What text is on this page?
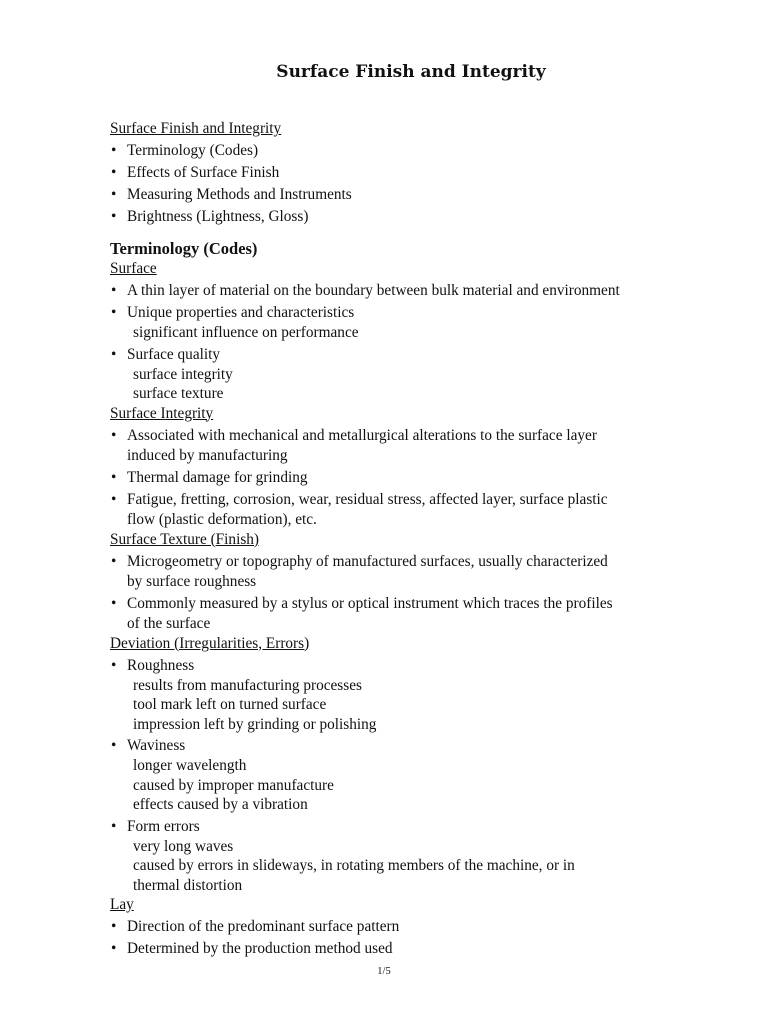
Surface Finish and Integrity

Surface Finish and Integrity

• Terminology (Codes)

• Effects of Surface Finish

• Measuring Methods and Instruments

• Brightness (Lightness, Gloss)

Terminology (Codes)

Surface

• A thin layer of material on the boundary between bulk material and environment

• Unique properties and characteristics

significant influence on performance

• Surface quality

surface integrity

surface texture

Surface Integrity

• Associated with mechanical and metallurgical alterations to the surface layer
induced by manufacturing

• Thermal damage for grinding

• Fatigue, fretting, corrosion, wear, residual stress, affected layer, surface plastic
flow (plastic deformation), etc.

Surface Texture (Finish)

• Microgeometry or topography of manufactured surfaces, usually characterized
by surface roughness

• Commonly measured by a stylus or optical instrument which traces the profiles
of the surface

Deviation (Irregularities, Errors)

• Roughness

results from manufacturing processes

tool mark left on turned surface

impression left by grinding or polishing

• Waviness

longer wavelength

caused by improper manufacture

effects caused by a vibration

• Form errors

very long waves

caused by errors in slideways, in rotating members of the machine, or in

thermal distortion

Lay

• Direction of the predominant surface pattern

• Determined by the production method used

1/5
